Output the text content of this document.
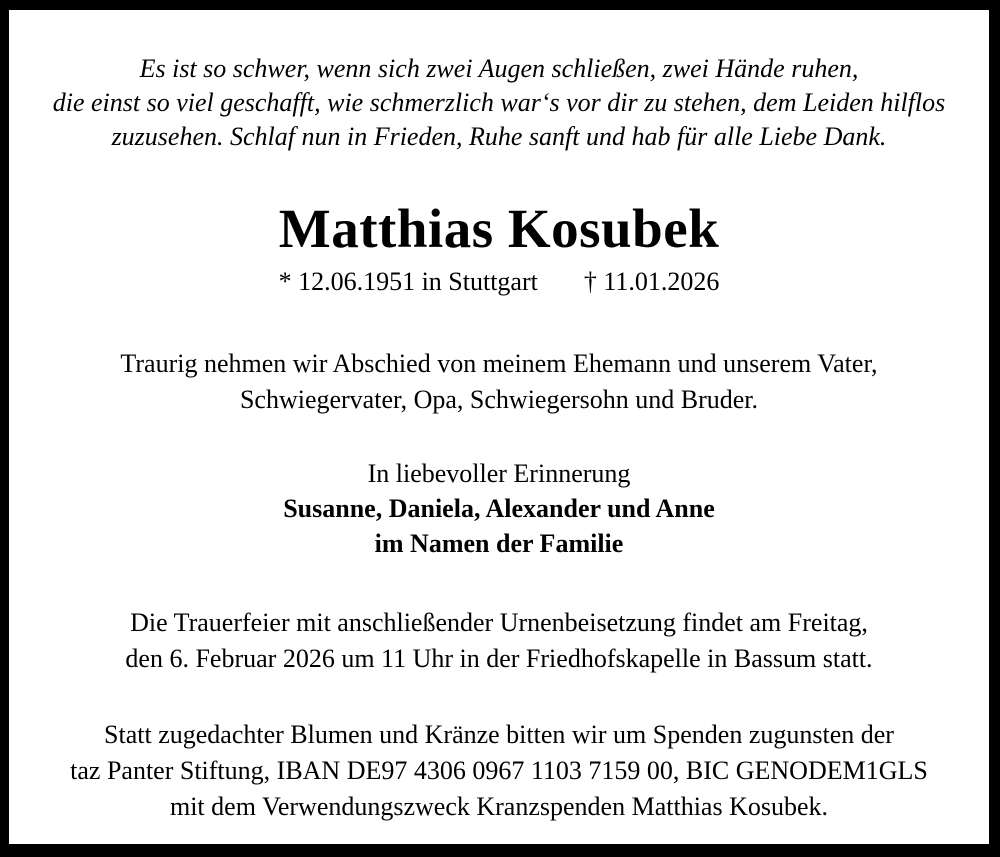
Es ist so schwer, wenn sich zwei Augen schließen, zwei Hände ruhen,
die einst so viel geschafft, wie schmerzlich war‘s vor dir zu stehen, dem Leiden hilflos
zuzusehen. Schlaf nun in Frieden, Ruhe sanft und hab für alle Liebe Dank.
Matthias Kosubek
* 12.06.1951 in Stuttgart † 11.01.2026
Traurig nehmen wir Abschied von meinem Ehemann und unserem Vater,
Schwiegervater, Opa, Schwiegersohn und Bruder.
In liebevoller Erinnerung
Susanne, Daniela, Alexander und Anne
im Namen der Familie
Die Trauerfeier mit anschließender Urnenbeisetzung findet am Freitag,
den 6. Februar 2026 um 11 Uhr in der Friedhofskapelle in Bassum statt.
Statt zugedachter Blumen und Kränze bitten wir um Spenden zugunsten der
taz Panter Stiftung, IBAN DE97 4306 0967 1103 7159 00, BIC GENODEM1GLS
mit dem Verwendungszweck Kranzspenden Matthias Kosubek.
